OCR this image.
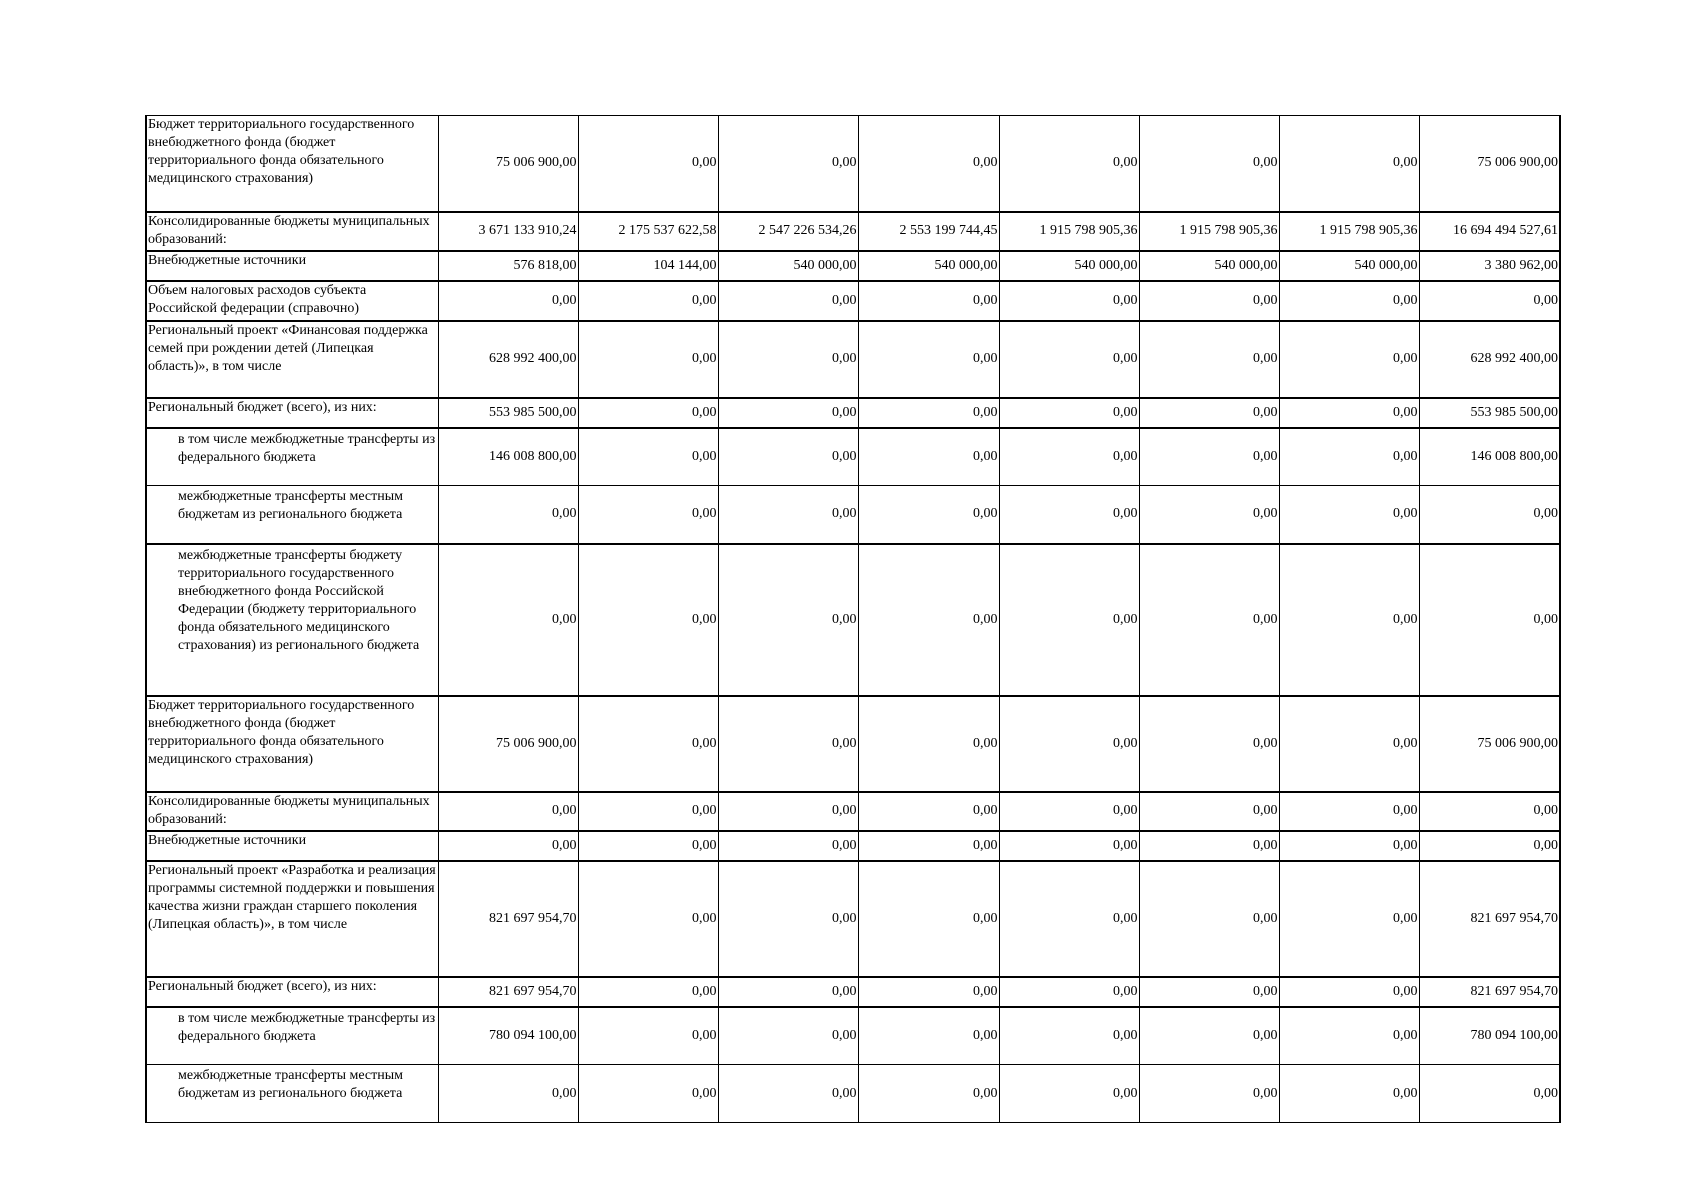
Бюджет территориального государственного внебюджетного фонда (бюджет территориального фонда обязательного медицинского страхования)	75 006 900,00	0,00	0,00	0,00	0,00	0,00	0,00	75 006 900,00
Консолидированные бюджеты муниципальных образований:	3 671 133 910,24	2 175 537 622,58	2 547 226 534,26	2 553 199 744,45	1 915 798 905,36	1 915 798 905,36	1 915 798 905,36	16 694 494 527,61
Внебюджетные источники	576 818,00	104 144,00	540 000,00	540 000,00	540 000,00	540 000,00	540 000,00	3 380 962,00
Объем налоговых расходов субъекта Российской федерации (справочно)	0,00	0,00	0,00	0,00	0,00	0,00	0,00	0,00
Региональный проект «Финансовая поддержка семей при рождении детей (Липецкая область)», в том числе	628 992 400,00	0,00	0,00	0,00	0,00	0,00	0,00	628 992 400,00
Региональный бюджет (всего), из них:	553 985 500,00	0,00	0,00	0,00	0,00	0,00	0,00	553 985 500,00
в том числе межбюджетные трансферты из федерального бюджета	146 008 800,00	0,00	0,00	0,00	0,00	0,00	0,00	146 008 800,00
межбюджетные трансферты местным бюджетам из регионального бюджета	0,00	0,00	0,00	0,00	0,00	0,00	0,00	0,00
межбюджетные трансферты бюджету территориального государственного внебюджетного фонда Российской Федерации (бюджету территориального фонда обязательного медицинского страхования) из регионального бюджета	0,00	0,00	0,00	0,00	0,00	0,00	0,00	0,00
Бюджет территориального государственного внебюджетного фонда (бюджет территориального фонда обязательного медицинского страхования)	75 006 900,00	0,00	0,00	0,00	0,00	0,00	0,00	75 006 900,00
Консолидированные бюджеты муниципальных образований:	0,00	0,00	0,00	0,00	0,00	0,00	0,00	0,00
Внебюджетные источники	0,00	0,00	0,00	0,00	0,00	0,00	0,00	0,00
Региональный проект «Разработка и реализация программы системной поддержки и повышения качества жизни граждан старшего поколения (Липецкая область)», в том числе	821 697 954,70	0,00	0,00	0,00	0,00	0,00	0,00	821 697 954,70
Региональный бюджет (всего), из них:	821 697 954,70	0,00	0,00	0,00	0,00	0,00	0,00	821 697 954,70
в том числе межбюджетные трансферты из федерального бюджета	780 094 100,00	0,00	0,00	0,00	0,00	0,00	0,00	780 094 100,00
межбюджетные трансферты местным бюджетам из регионального бюджета	0,00	0,00	0,00	0,00	0,00	0,00	0,00	0,00
